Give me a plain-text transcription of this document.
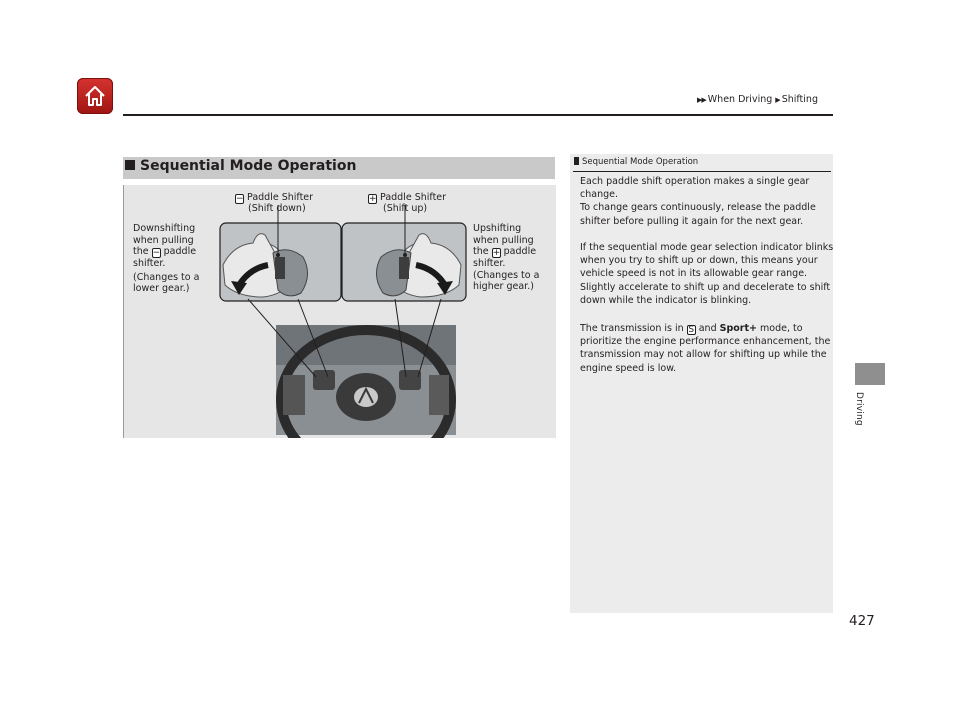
▶▶ When Driving ▶ Shifting
Driving
427
Sequential Mode Operation
− Paddle Shifter
(Shift down)
+ Paddle Shifter
(Shift up)
Downshifting
when pulling
the − paddle
shifter.
(Changes to a
lower gear.)
Upshifting
when pulling
the + paddle
shifter.
(Changes to a
higher gear.)
Sequential Mode Operation
Each paddle shift operation makes a single gear
change.
To change gears continuously, release the paddle
shifter before pulling it again for the next gear.
If the sequential mode gear selection indicator blinks
when you try to shift up or down, this means your
vehicle speed is not in its allowable gear range.
Slightly accelerate to shift up and decelerate to shift
down while the indicator is blinking.
The transmission is in S and Sport+ mode, to
prioritize the engine performance enhancement, the
transmission may not allow for shifting up while the
engine speed is low.
